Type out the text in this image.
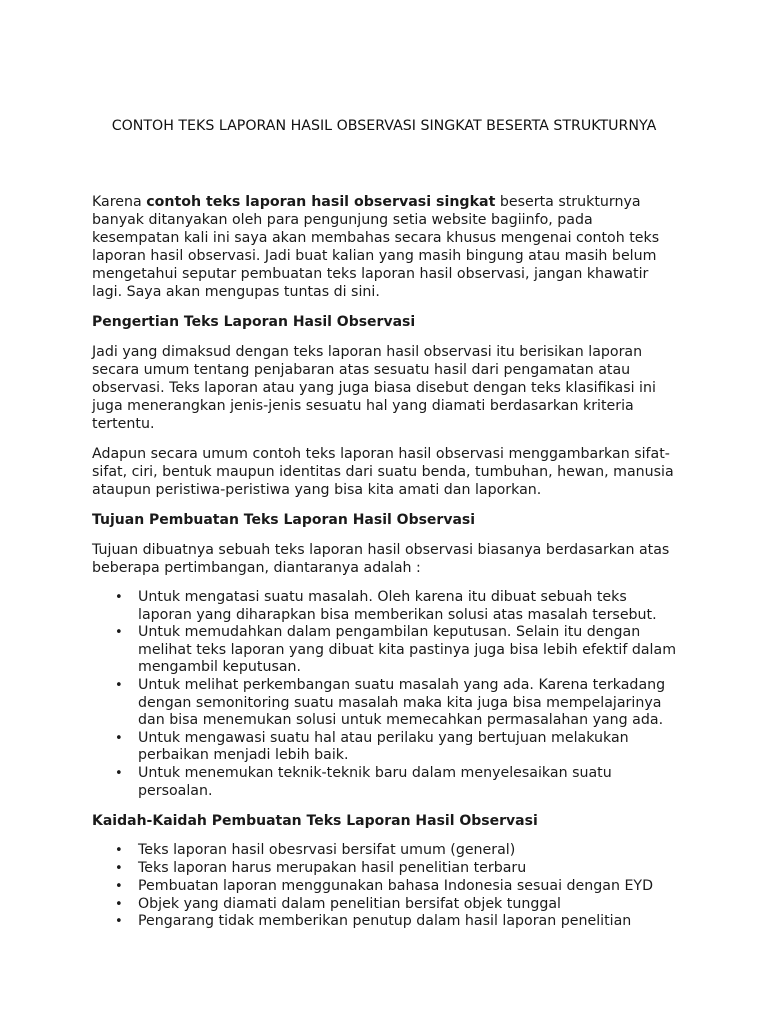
CONTOH TEKS LAPORAN HASIL OBSERVASI SINGKAT BESERTA STRUKTURNYA

Karena contoh teks laporan hasil observasi singkat beserta strukturnya banyak ditanyakan oleh para pengunjung setia website bagiinfo, pada kesempatan kali ini saya akan membahas secara khusus mengenai contoh teks laporan hasil observasi. Jadi buat kalian yang masih bingung atau masih belum mengetahui seputar pembuatan teks laporan hasil observasi, jangan khawatir lagi. Saya akan mengupas tuntas di sini.

Pengertian Teks Laporan Hasil Observasi

Jadi yang dimaksud dengan teks laporan hasil observasi itu berisikan laporan secara umum tentang penjabaran atas sesuatu hasil dari pengamatan atau observasi. Teks laporan atau yang juga biasa disebut dengan teks klasifikasi ini juga menerangkan jenis-jenis sesuatu hal yang diamati berdasarkan kriteria tertentu.

Adapun secara umum contoh teks laporan hasil observasi menggambarkan sifat-sifat, ciri, bentuk maupun identitas dari suatu benda, tumbuhan, hewan, manusia ataupun peristiwa-peristiwa yang bisa kita amati dan laporkan.

Tujuan Pembuatan Teks Laporan Hasil Observasi

Tujuan dibuatnya sebuah teks laporan hasil observasi biasanya berdasarkan atas beberapa pertimbangan, diantaranya adalah :

• Untuk mengatasi suatu masalah. Oleh karena itu dibuat sebuah teks laporan yang diharapkan bisa memberikan solusi atas masalah tersebut.
• Untuk memudahkan dalam pengambilan keputusan. Selain itu dengan melihat teks laporan yang dibuat kita pastinya juga bisa lebih efektif dalam mengambil keputusan.
• Untuk melihat perkembangan suatu masalah yang ada. Karena terkadang dengan semonitoring suatu masalah maka kita juga bisa mempelajarinya dan bisa menemukan solusi untuk memecahkan permasalahan yang ada.
• Untuk mengawasi suatu hal atau perilaku yang bertujuan melakukan perbaikan menjadi lebih baik.
• Untuk menemukan teknik-teknik baru dalam menyelesaikan suatu persoalan.

Kaidah-Kaidah Pembuatan Teks Laporan Hasil Observasi

• Teks laporan hasil obesrvasi bersifat umum (general)
• Teks laporan harus merupakan hasil penelitian terbaru
• Pembuatan laporan menggunakan bahasa Indonesia sesuai dengan EYD
• Objek yang diamati dalam penelitian bersifat objek tunggal
• Pengarang tidak memberikan penutup dalam hasil laporan penelitian
